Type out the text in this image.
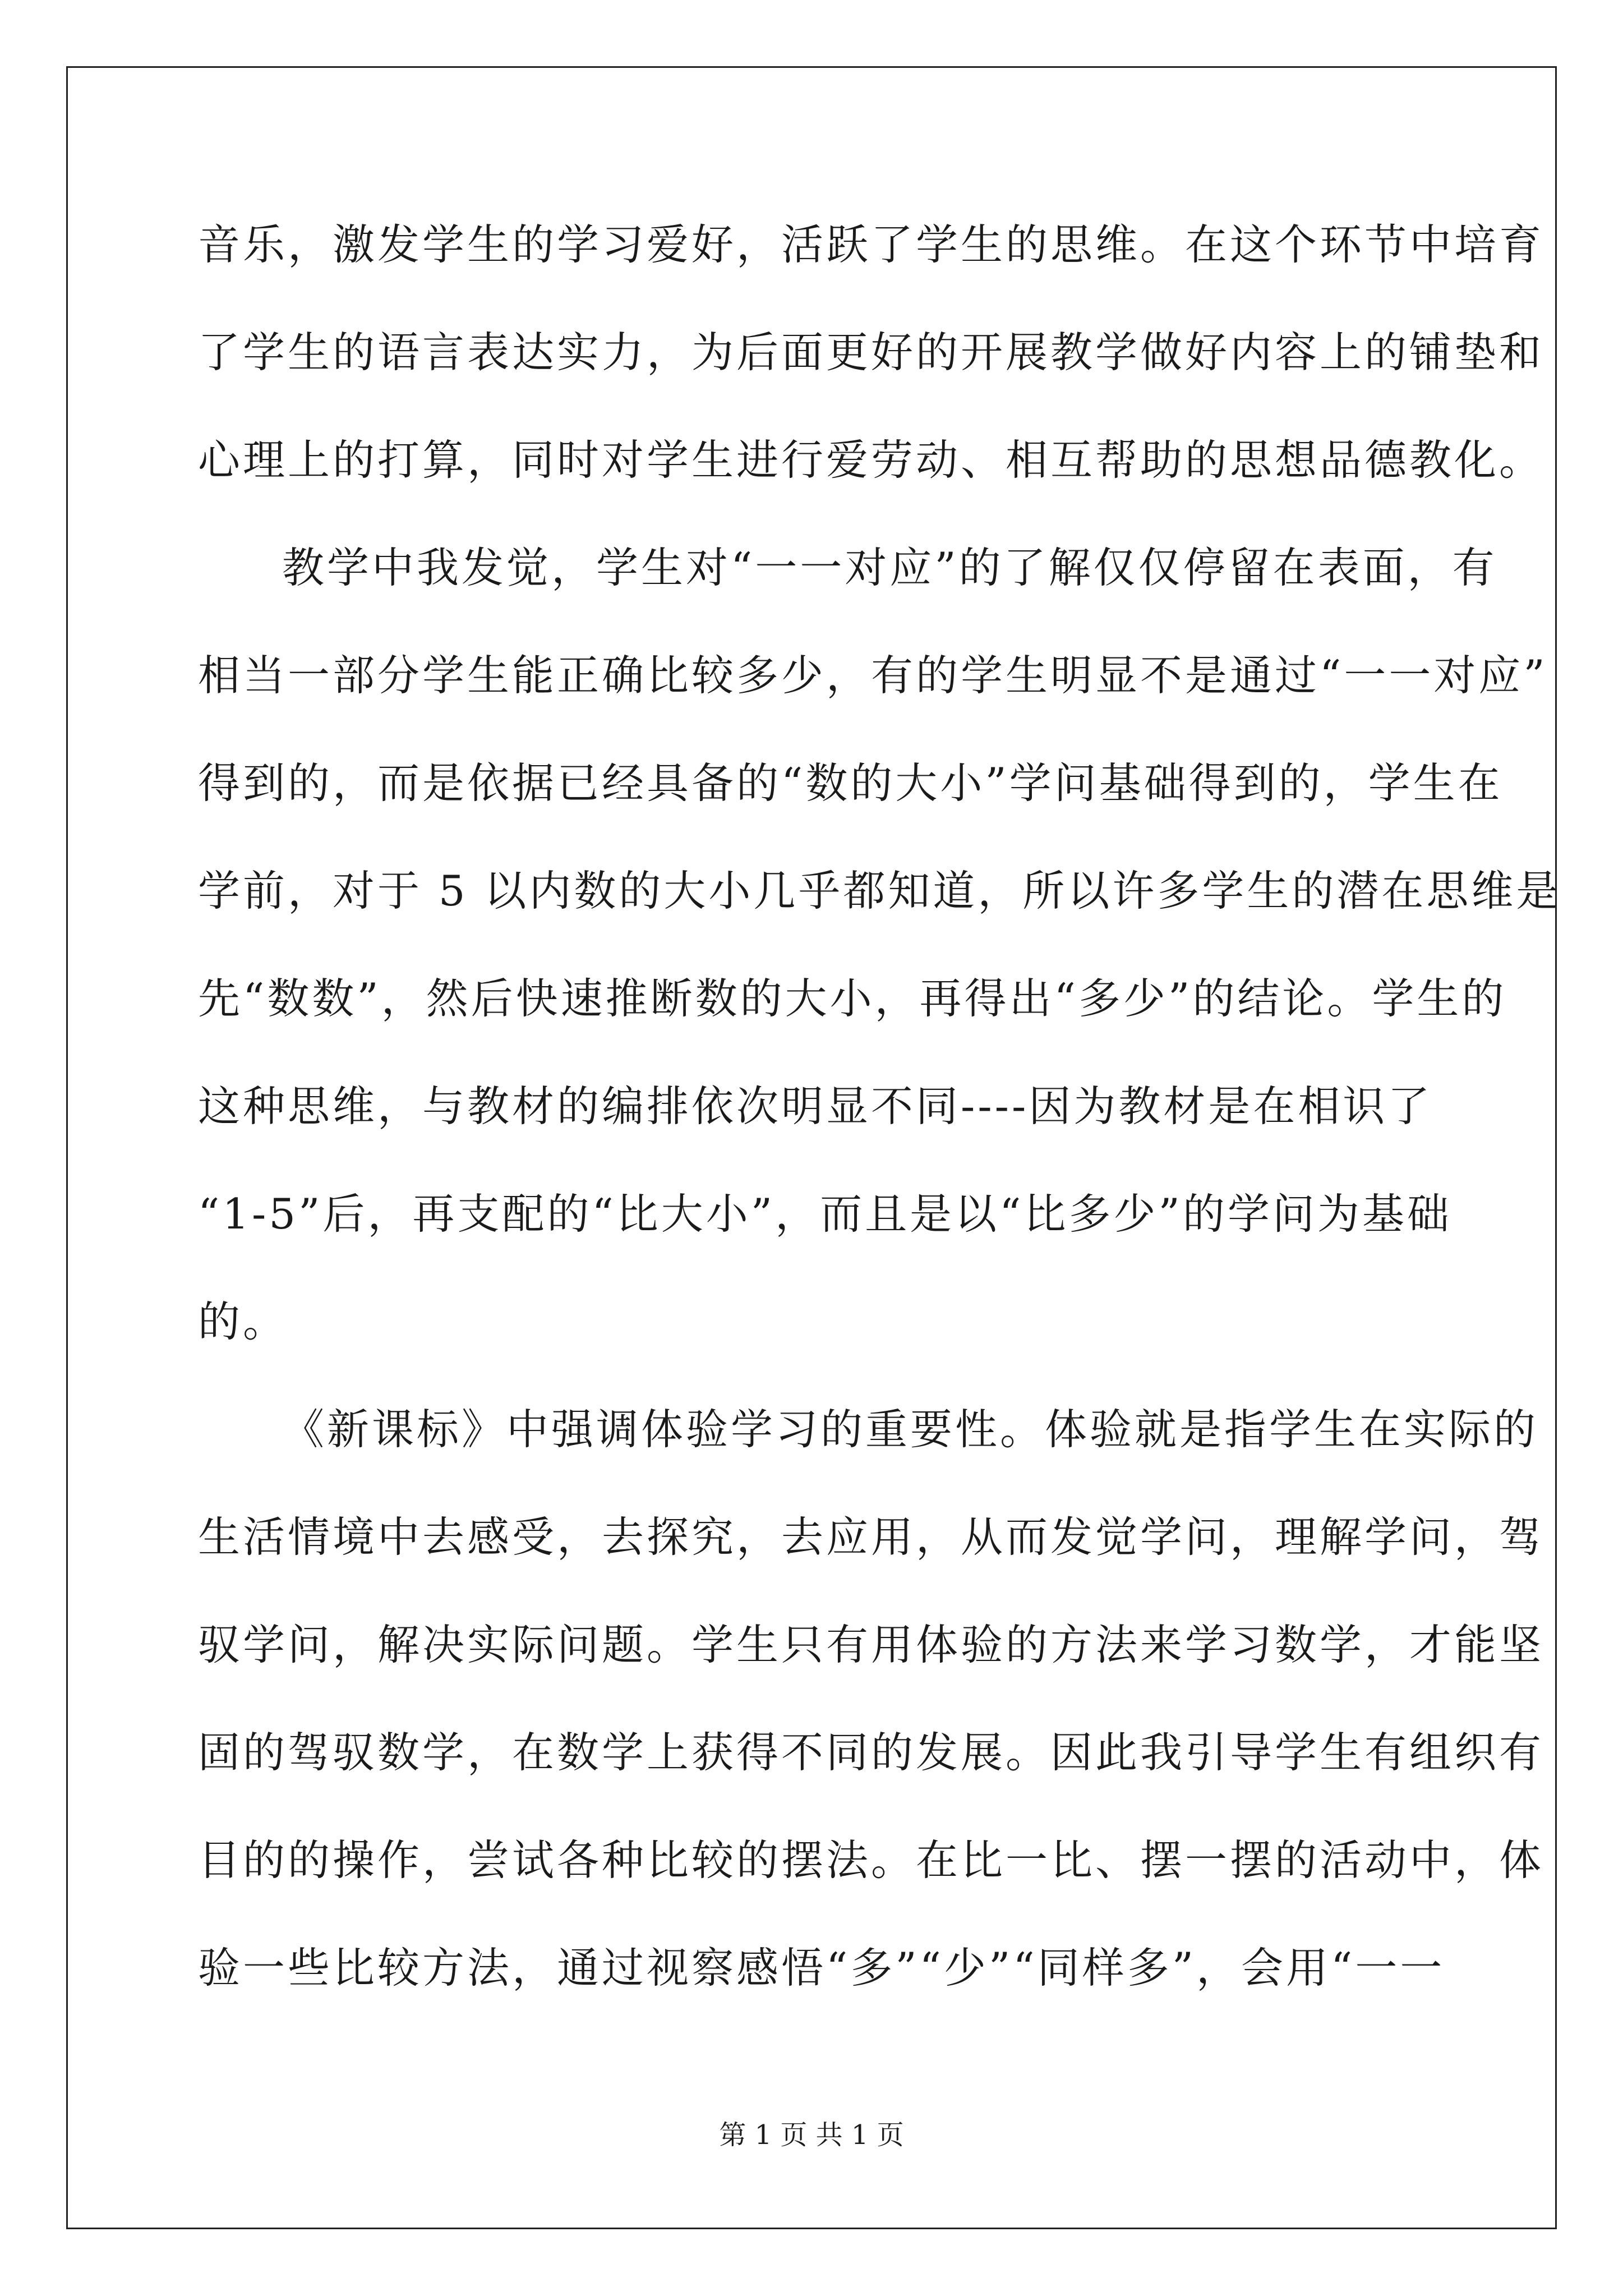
音乐，激发学生的学习爱好，活跃了学生的思维。在这个环节中培育
了学生的语言表达实力，为后面更好的开展教学做好内容上的铺垫和
心理上的打算，同时对学生进行爱劳动、相互帮助的思想品德教化。
教学中我发觉，学生对“一一对应”的了解仅仅停留在表面，有
相当一部分学生能正确比较多少，有的学生明显不是通过“一一对应”
得到的，而是依据已经具备的“数的大小”学问基础得到的，学生在
学前，对于 5 以内数的大小几乎都知道，所以许多学生的潜在思维是
先“数数”，然后快速推断数的大小，再得出“多少”的结论。学生的
这种思维，与教材的编排依次明显不同----因为教材是在相识了
“1-5”后，再支配的“比大小”，而且是以“比多少”的学问为基础
的。
《新课标》中强调体验学习的重要性。体验就是指学生在实际的
生活情境中去感受，去探究，去应用，从而发觉学问，理解学问，驾
驭学问，解决实际问题。学生只有用体验的方法来学习数学，才能坚
固的驾驭数学，在数学上获得不同的发展。因此我引导学生有组织有
目的的操作，尝试各种比较的摆法。在比一比、摆一摆的活动中，体
验一些比较方法，通过视察感悟“多”“少”“同样多”，会用“一一
第 1 页 共 1 页
